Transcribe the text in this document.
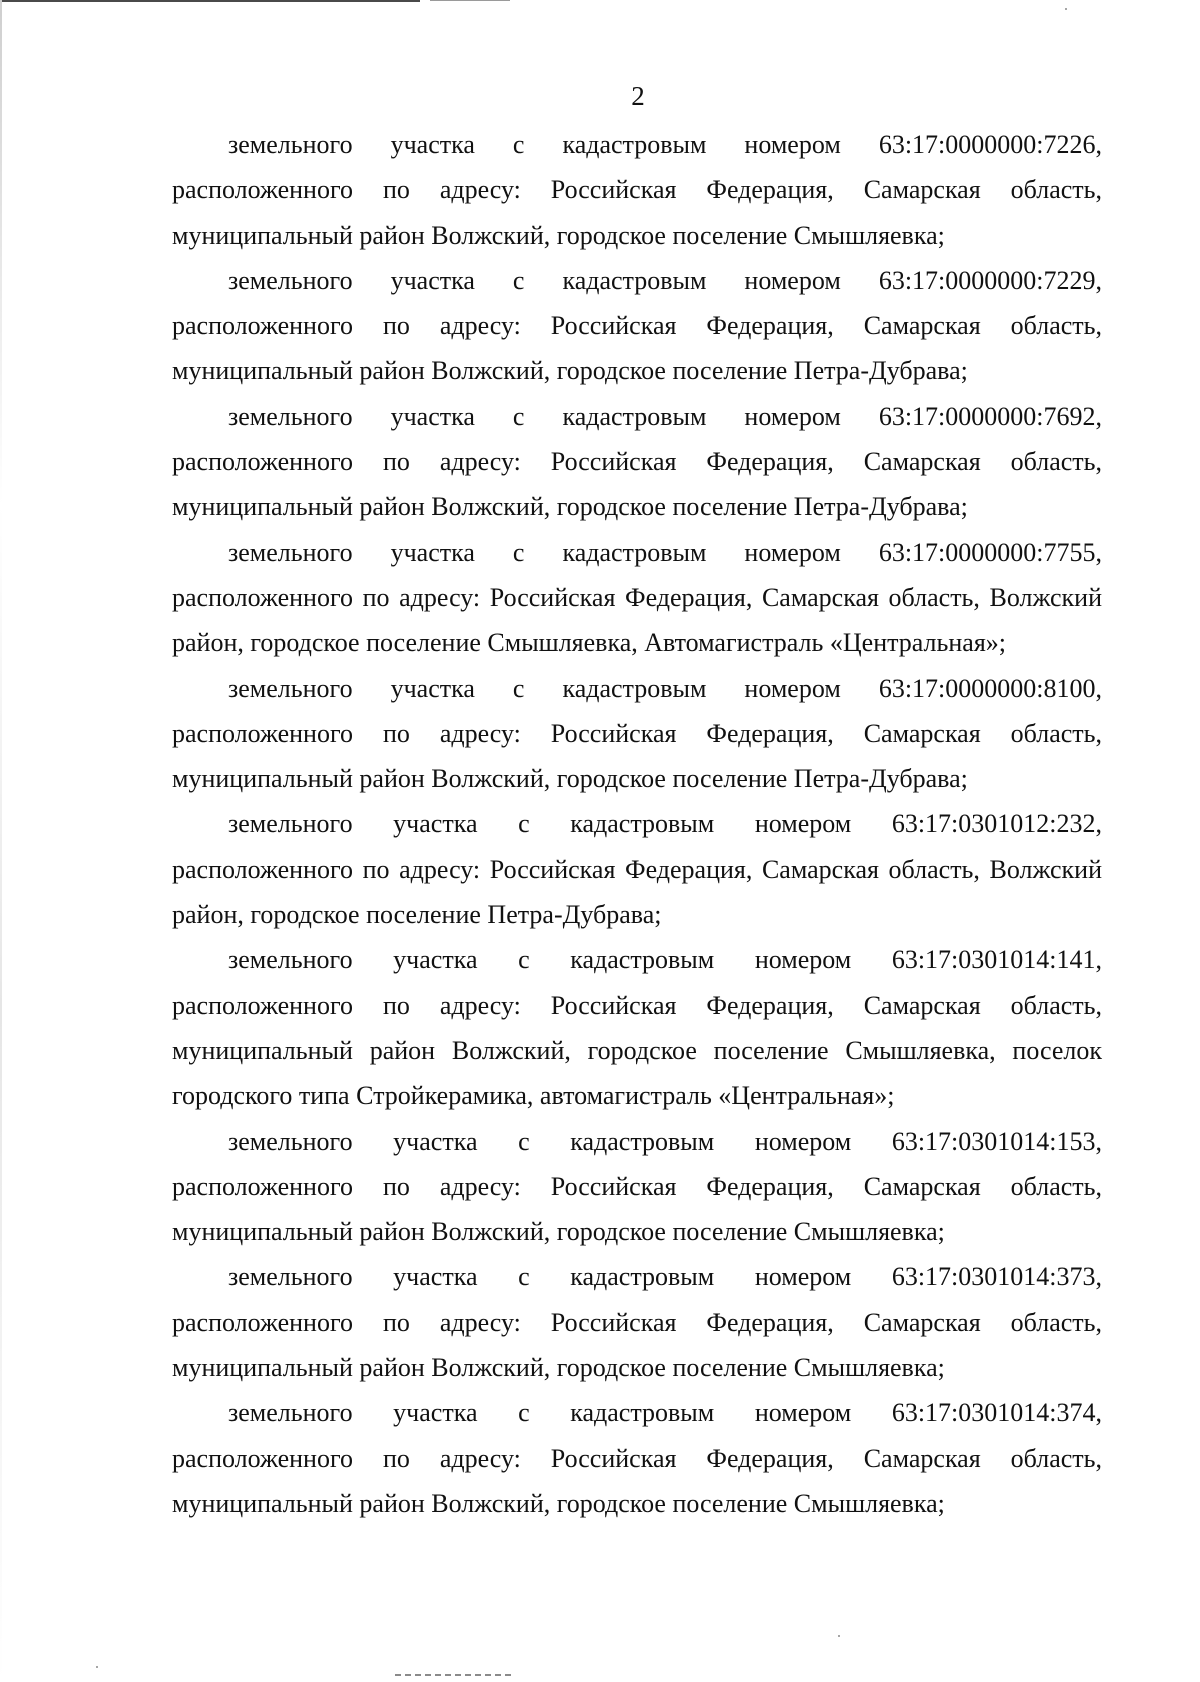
2

земельного участка с кадастровым номером 63:17:0000000:7226, расположенного по адресу: Российская Федерация, Самарская область, муниципальный район Волжский, городское поселение Смышляевка;

земельного участка с кадастровым номером 63:17:0000000:7229, расположенного по адресу: Российская Федерация, Самарская область, муниципальный район Волжский, городское поселение Петра-Дубрава;

земельного участка с кадастровым номером 63:17:0000000:7692, расположенного по адресу: Российская Федерация, Самарская область, муниципальный район Волжский, городское поселение Петра-Дубрава;

земельного участка с кадастровым номером 63:17:0000000:7755, расположенного по адресу: Российская Федерация, Самарская область, Волжский район, городское поселение Смышляевка, Автомагистраль «Центральная»;

земельного участка с кадастровым номером 63:17:0000000:8100, расположенного по адресу: Российская Федерация, Самарская область, муниципальный район Волжский, городское поселение Петра-Дубрава;

земельного участка с кадастровым номером 63:17:0301012:232, расположенного по адресу: Российская Федерация, Самарская область, Волжский район, городское поселение Петра-Дубрава;

земельного участка с кадастровым номером 63:17:0301014:141, расположенного по адресу: Российская Федерация, Самарская область, муниципальный район Волжский, городское поселение Смышляевка, поселок городского типа Стройкерамика, автомагистраль «Центральная»;

земельного участка с кадастровым номером 63:17:0301014:153, расположенного по адресу: Российская Федерация, Самарская область, муниципальный район Волжский, городское поселение Смышляевка;

земельного участка с кадастровым номером 63:17:0301014:373, расположенного по адресу: Российская Федерация, Самарская область, муниципальный район Волжский, городское поселение Смышляевка;

земельного участка с кадастровым номером 63:17:0301014:374, расположенного по адресу: Российская Федерация, Самарская область, муниципальный район Волжский, городское поселение Смышляевка;
